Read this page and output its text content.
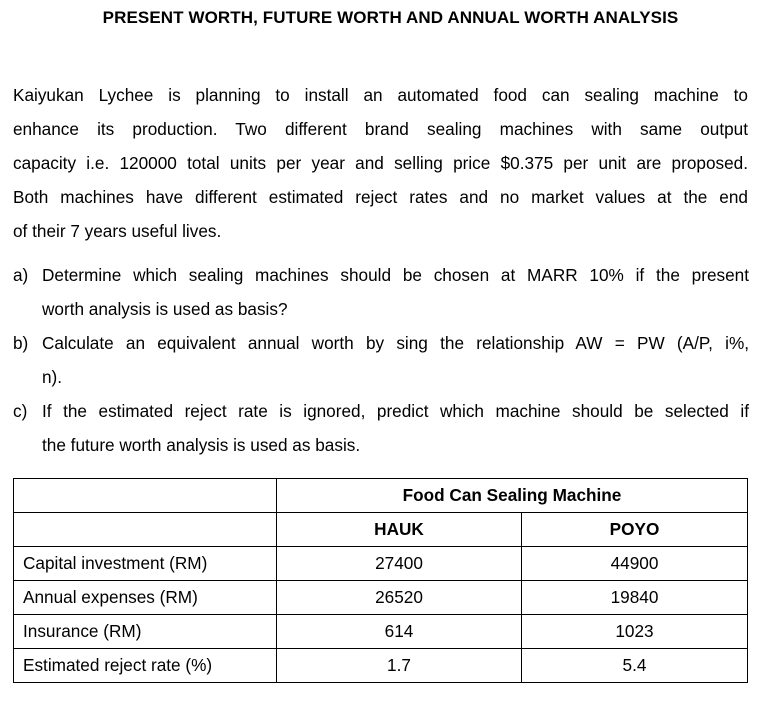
PRESENT WORTH, FUTURE WORTH AND ANNUAL WORTH ANALYSIS
Kaiyukan Lychee is planning to install an automated food can sealing machine to
enhance its production. Two different brand sealing machines with same output
capacity i.e. 120000 total units per year and selling price $0.375 per unit are proposed.
Both machines have different estimated reject rates and no market values at the end
of their 7 years useful lives.
a) Determine which sealing machines should be chosen at MARR 10% if the present
worth analysis is used as basis?
b) Calculate an equivalent annual worth by sing the relationship AW = PW (A/P, i%,
n).
c) If the estimated reject rate is ignored, predict which machine should be selected if
the future worth analysis is used as basis.
	Food Can Sealing Machine	
	HAUK	POYO
Capital investment (RM)	27400	44900
Annual expenses (RM)	26520	19840
Insurance (RM)	614	1023
Estimated reject rate (%)	1.7	5.4
